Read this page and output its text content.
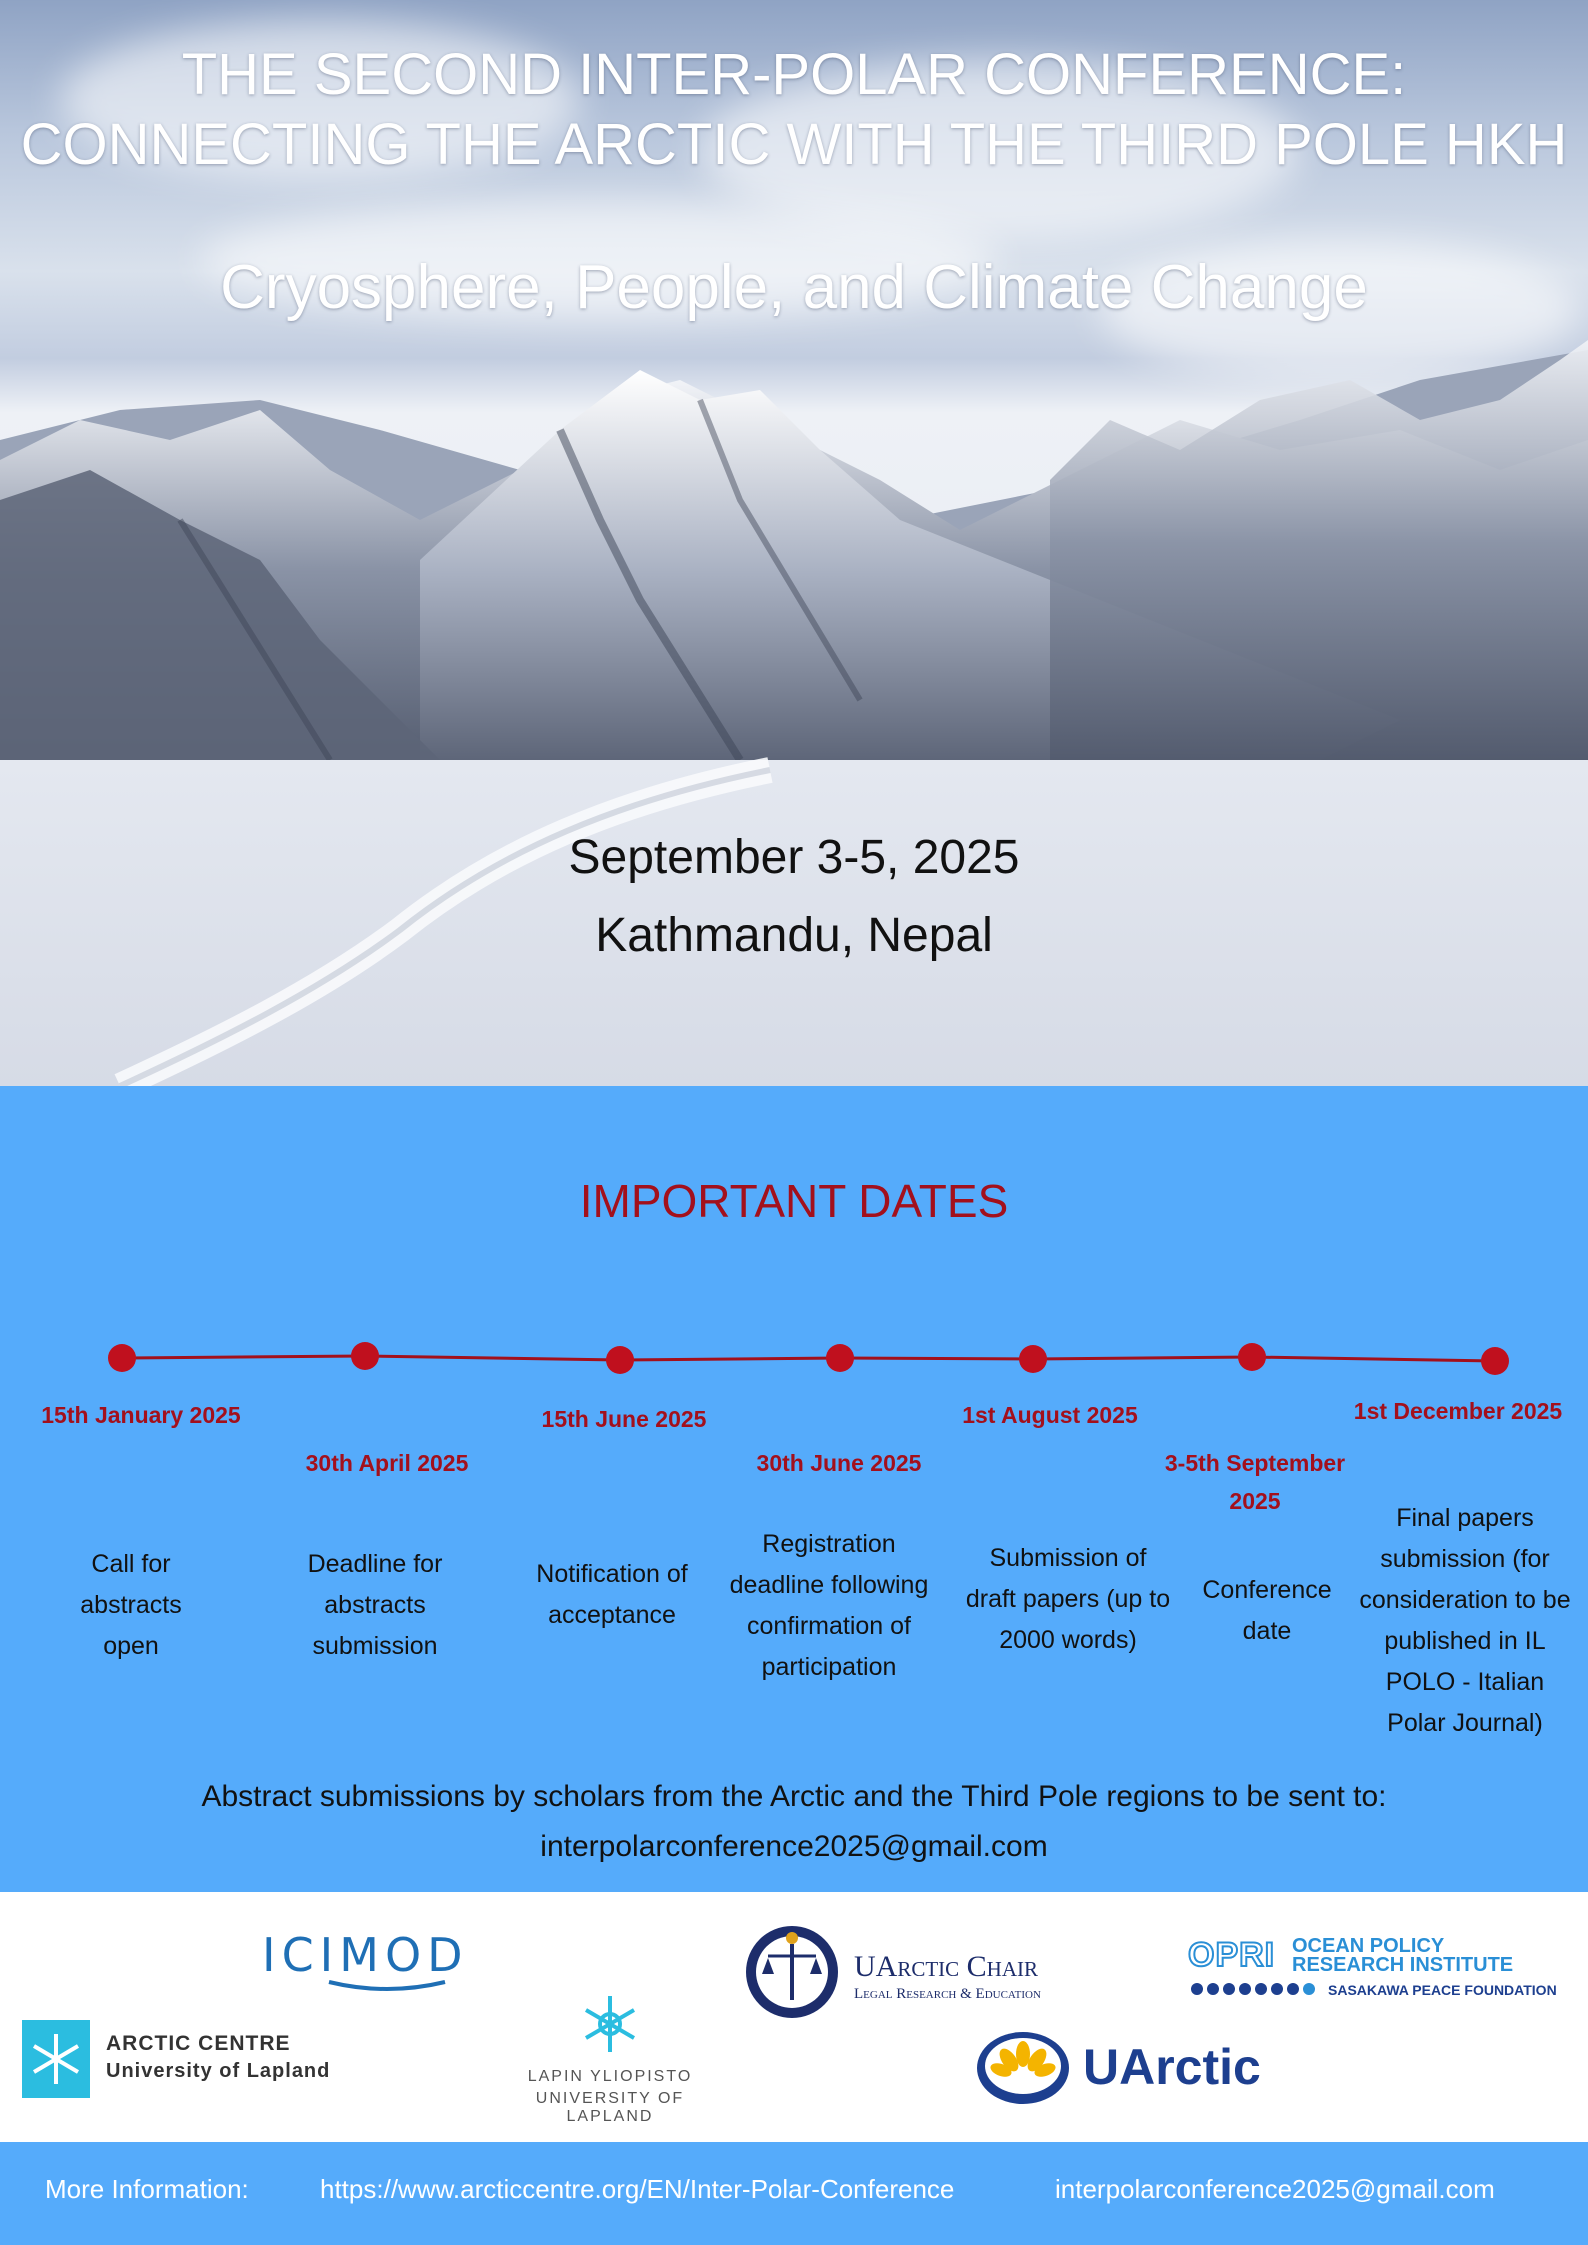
THE SECOND INTER-POLAR CONFERENCE:
CONNECTING THE ARCTIC WITH THE THIRD POLE HKH
Cryosphere, People, and Climate Change
September 3-5, 2025
Kathmandu, Nepal
IMPORTANT DATES
15th January 2025
Call for abstracts open
30th April 2025
Deadline for abstracts submission
15th June 2025
Notification of acceptance
30th June 2025
Registration deadline following confirmation of participation
1st August 2025
Submission of draft papers (up to 2000 words)
3-5th September 2025
Conference date
1st December 2025
Final papers submission (for consideration to be published in IL POLO - Italian Polar Journal)
Abstract submissions by scholars from the Arctic and the Third Pole regions to be sent to:
interpolarconference2025@gmail.com
ICIMOD	UArctic Chair
Legal Research & Education
OPRI OCEAN POLICY
RESEARCH INSTITUTE
SASAKAWA PEACE FOUNDATION
ARCTIC CENTRE
University of Lapland	LAPIN YLIOPISTO
UNIVERSITY OF LAPLAND
UArctic
More Information:	https://www.arcticcentre.org/EN/Inter-Polar-Conference	interpolarconference2025@gmail.com
